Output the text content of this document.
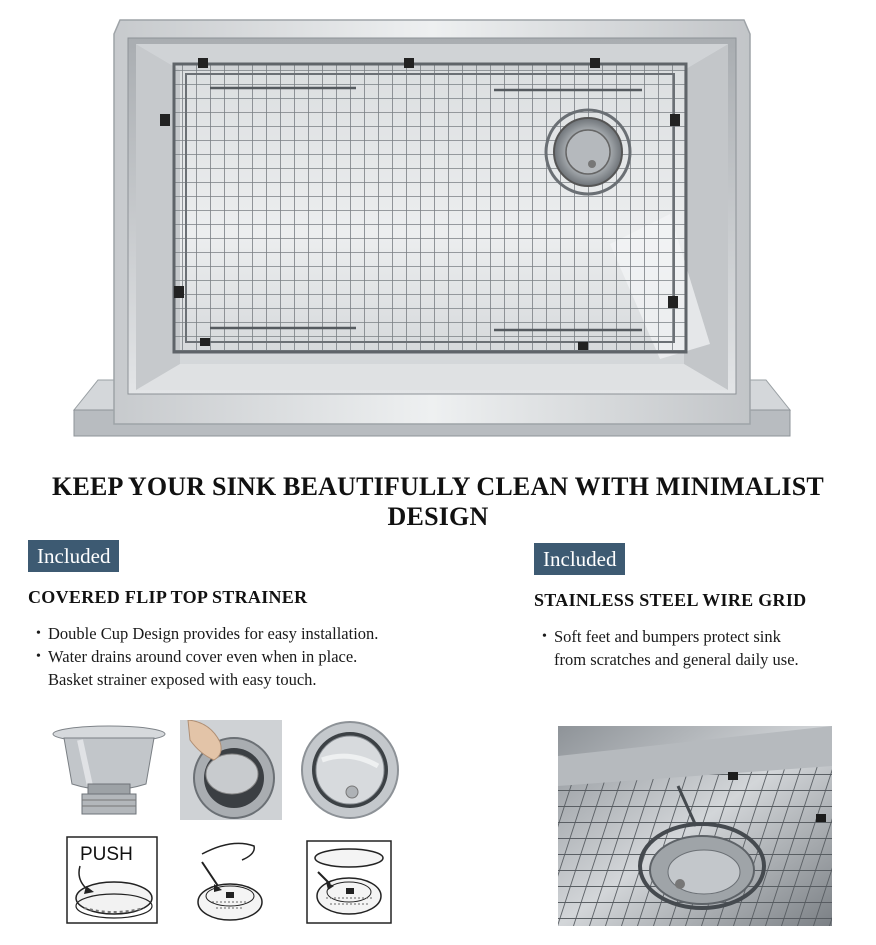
KEEP YOUR SINK BEAUTIFULLY CLEAN WITH MINIMALIST DESIGN
Included
COVERED FLIP TOP STRAINER
• Double Cup Design provides for easy installation.
• Water drains around cover even when in place.
Basket strainer exposed with easy touch.
Included
STAINLESS STEEL WIRE GRID
• Soft feet and bumpers protect sink
from scratches and general daily use.
PUSH
